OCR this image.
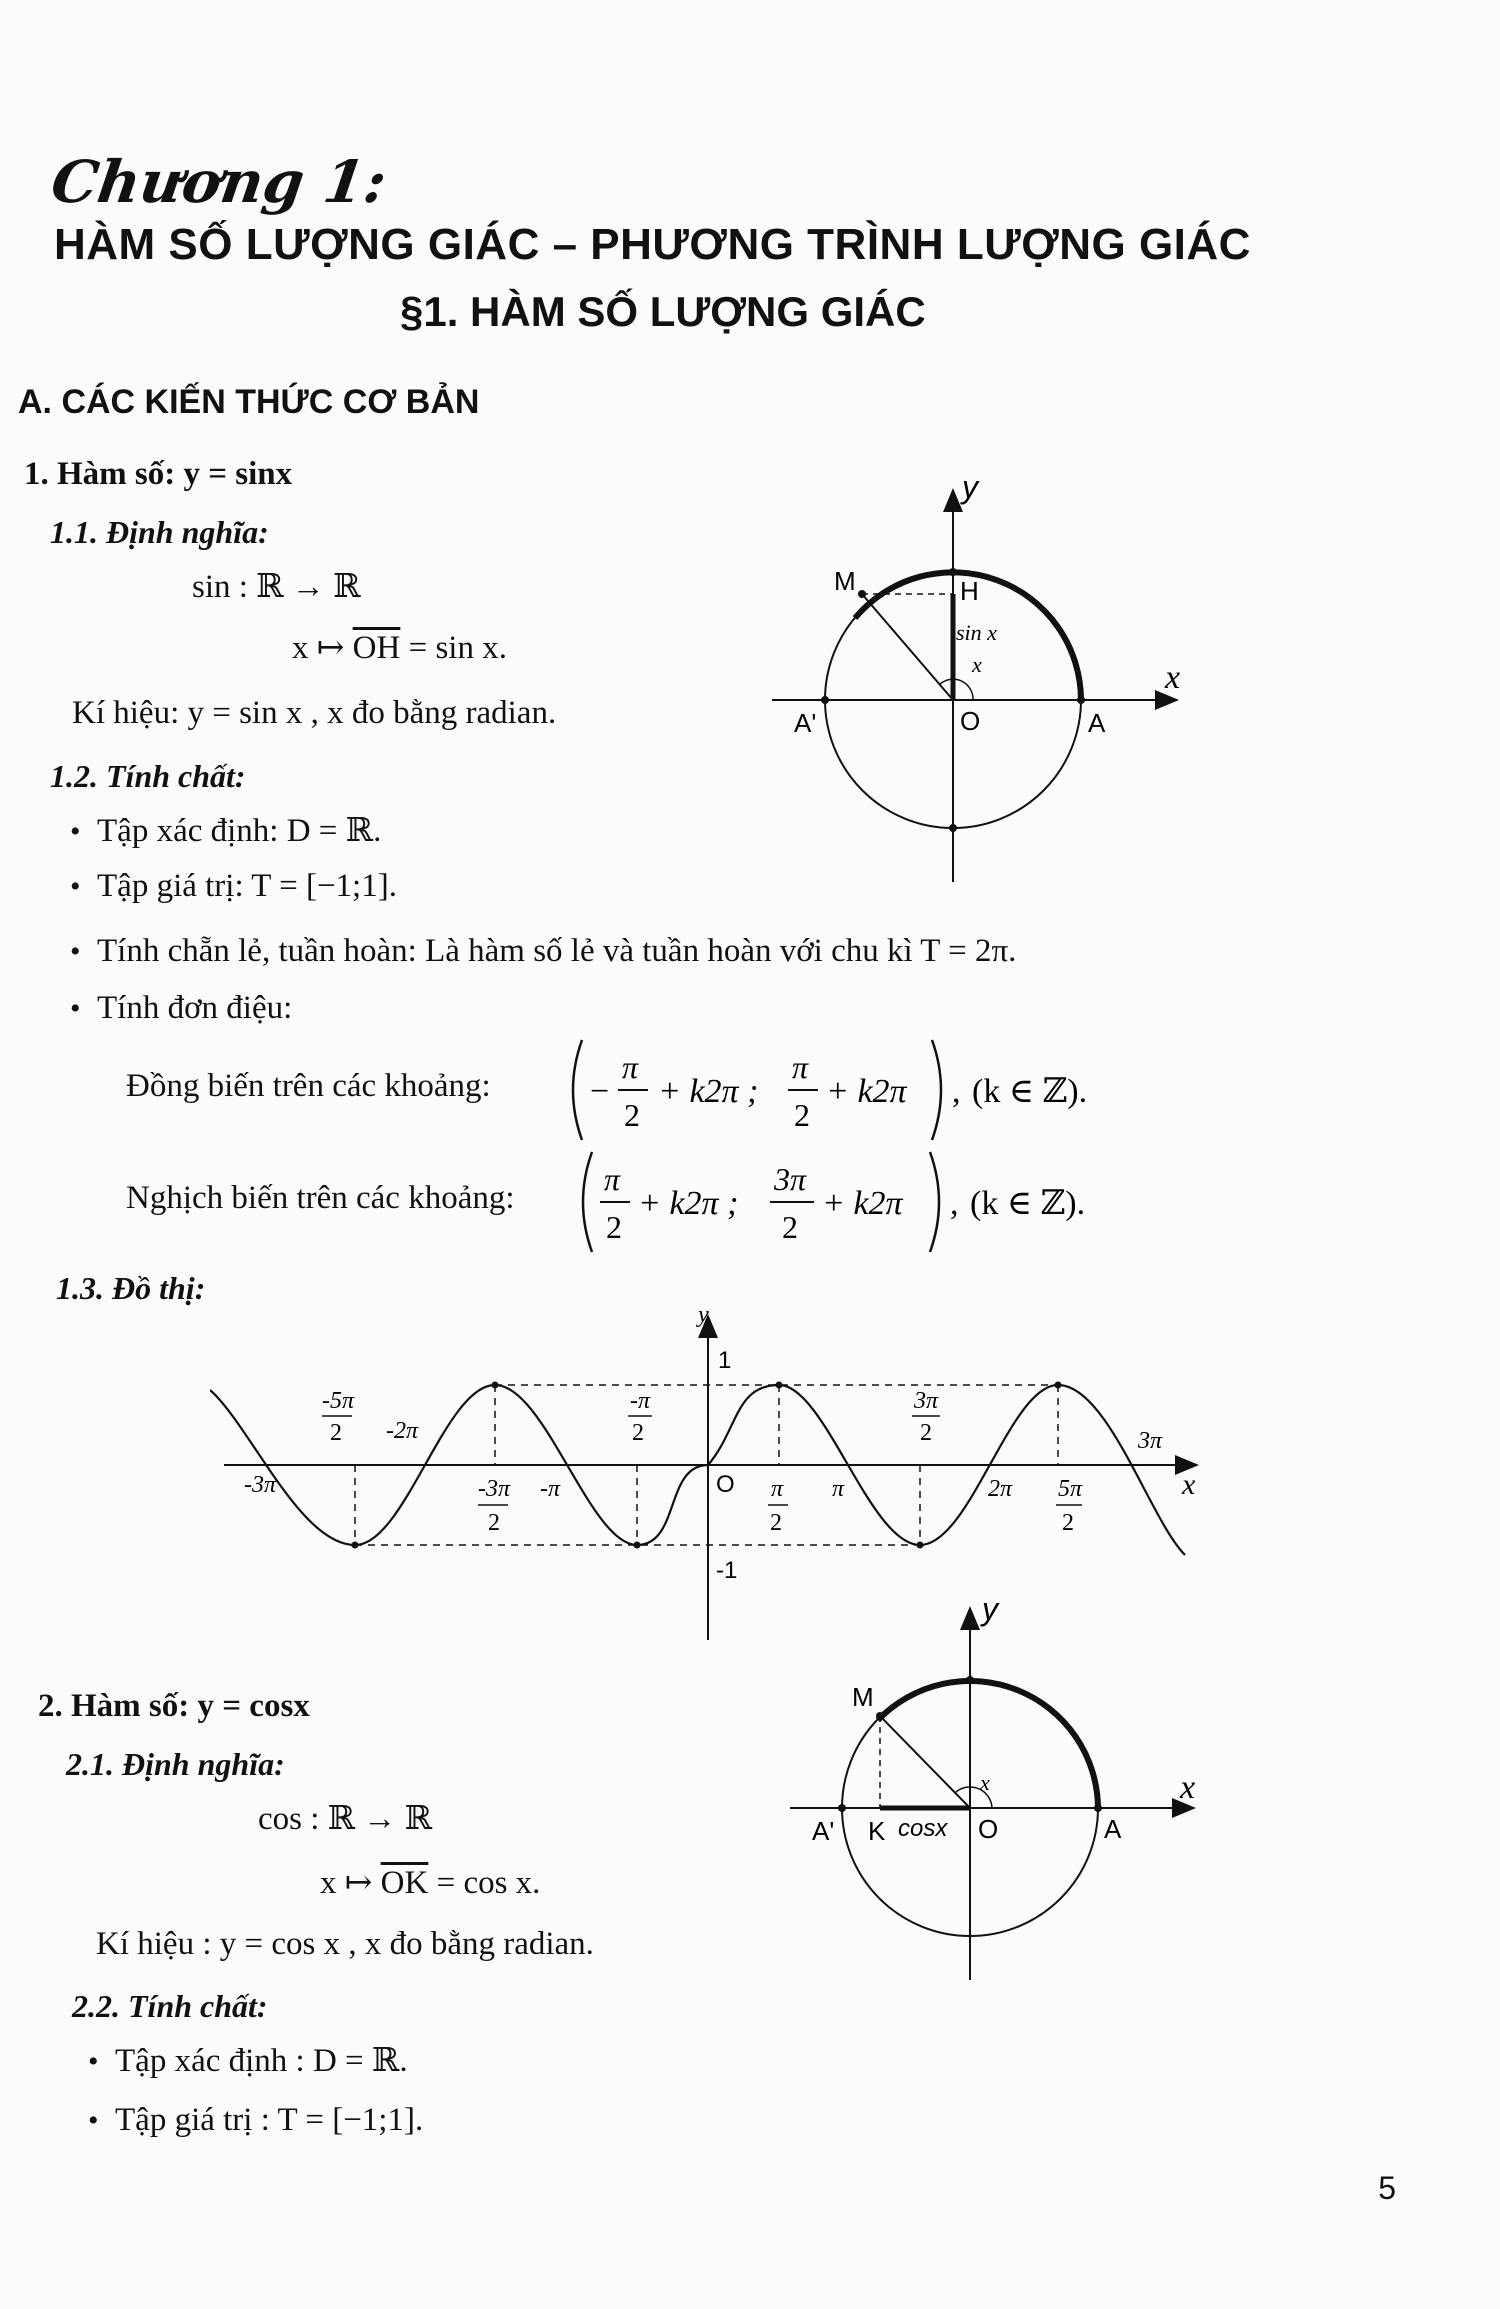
Chương 1:
HÀM SỐ LƯỢNG GIÁC – PHƯƠNG TRÌNH LƯỢNG GIÁC
§1. HÀM SỐ LƯỢNG GIÁC
A. CÁC KIẾN THỨC CƠ BẢN
1. Hàm số: y = sinx
1.1. Định nghĩa:
sin : ℝ → ℝ
x ↦ $\overline{OH} = \sin x$.
Kí hiệu: y = sin x , x đo bằng radian.
1.2. Tính chất:
• Tập xác định: D = ℝ.
• Tập giá trị: T = [−1;1].
• Tính chẵn lẻ, tuần hoàn: Là hàm số lẻ và tuần hoàn với chu kì T = 2π.
• Tính đơn điệu:
Đồng biến trên các khoảng:	−
π
2
+ k2π ;
π
2
+ k2π , (k ∈ ℤ).
Nghịch biến trên các khoảng:
π
2
+ k2π ;
3π
2
+ k2π , (k ∈ ℤ).
1.3. Đồ thị:
y
x
M	H
sin x
x
O	A
A'
y
x
1
-1
O
-5π
2 -2π
-3π	-3π
2
-π
-π
2
π
2
π
3π
2
2π 5π
2
3π
2. Hàm số: y = cosx
2.1. Định nghĩa:
cos : ℝ → ℝ
x ↦ $\overline{OK} = \cos x$.
Kí hiệu : y = cos x , x đo bằng radian.
2.2. Tính chất:
• Tập xác định : D = ℝ.
• Tập giá trị : T = [−1;1].
y
x
M
x
O	A
A' K cosx
5
